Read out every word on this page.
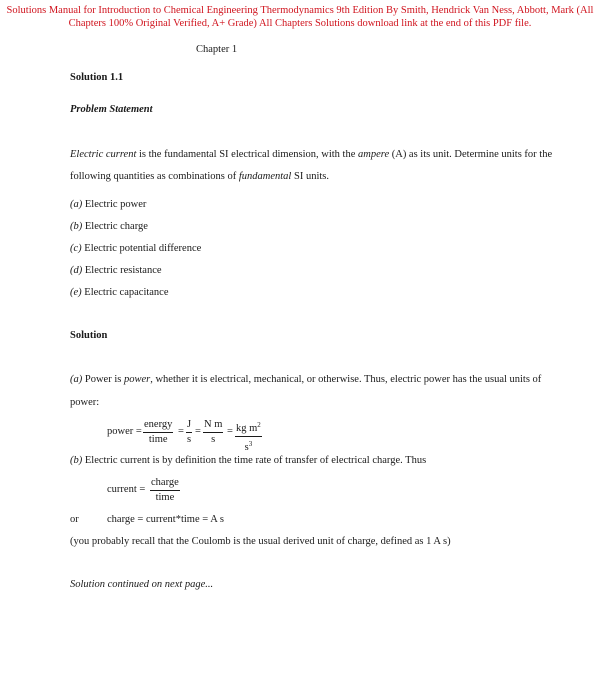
Solutions Manual for Introduction to Chemical Engineering Thermodynamics 9th Edition By Smith, Hendrick Van Ness, Abbott, Mark (All
Chapters 100% Original Verified, A+ Grade) All Chapters Solutions download link at the end of this PDF file.
Chapter 1
Solution 1.1
Problem Statement
Electric current is the fundamental SI electrical dimension, with the ampere (A) as its unit. Determine units for the
following quantities as combinations of fundamental SI units.
(a) Electric power
(b) Electric charge
(c) Electric potential difference
(d) Electric resistance
(e) Electric capacitance
Solution
(a) Power is power, whether it is electrical, mechanical, or otherwise. Thus, electric power has the usual units of
power:
power =
energy
time
= $\frac{J}{s} = \frac{\text{N m}}{s} = \frac{kg m^2}{s^3}$
(b) Electric current is by definition the time rate of transfer of electrical charge. Thus
current =
charge
time
or	charge = current*time = A s
(you probably recall that the Coulomb is the usual derived unit of charge, defined as 1 A s)
Solution continued on next page...
